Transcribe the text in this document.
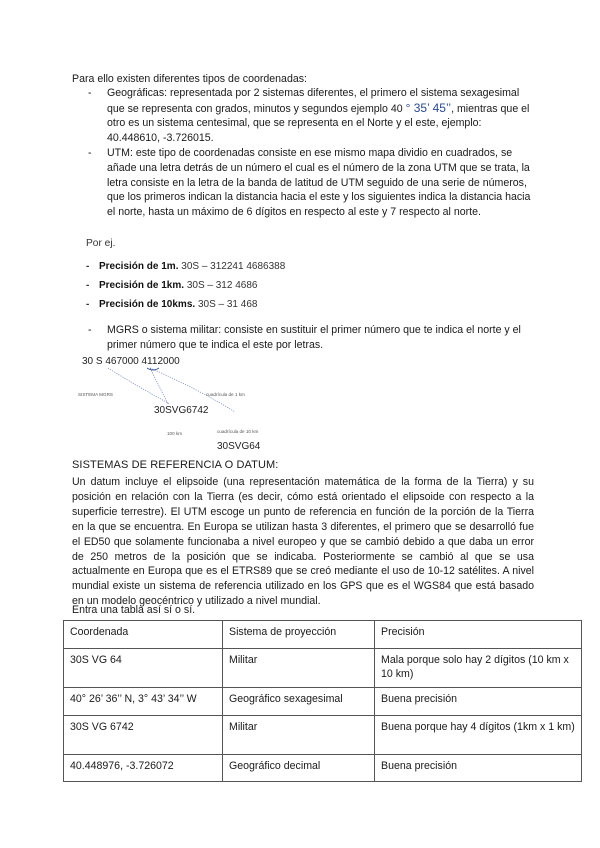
Para ello existen diferentes tipos de coordenadas:
- Geográficas: representada por 2 sistemas diferentes, el primero el sistema sexagesimal que se representa con grados, minutos y segundos ejemplo 40 ° 35’ 45’’, mientras que el otro es un sistema centesimal, que se representa en el Norte y el este, ejemplo: 40.448610, -3.726015.
- UTM: este tipo de coordenadas consiste en ese mismo mapa dividio en cuadrados, se añade una letra detrás de un número el cual es el número de la zona UTM que se trata, la letra consiste en la letra de la banda de latitud de UTM seguido de una serie de números, que los primeros indican la distancia hacia el este y los siguientes indica la distancia hacia el norte, hasta un máximo de 6 dígitos en respecto al este y 7 respecto al norte.
Por ej.
- Precisión de 1m. 30S – 312241 4686388
- Precisión de 1km. 30S – 312 4686
- Precisión de 10kms. 30S – 31 468
- MGRS o sistema militar: consiste en sustituir el primer número que te indica el norte y el primer número que te indica el este por letras.
30 S 467000 4112000
SISTEMA MGRS	cuadrícula de 1 km
30SVG6742
100 km	cuadrícula de 10 km
30SVG64
SISTEMAS DE REFERENCIA O DATUM:
Un datum incluye el elipsoide (una representación matemática de la forma de la Tierra) y su posición en relación con la Tierra (es decir, cómo está orientado el elipsoide con respecto a la superficie terrestre). El UTM escoge un punto de referencia en función de la porción de la Tierra en la que se encuentra. En Europa se utilizan hasta 3 diferentes, el primero que se desarrolló fue el ED50 que solamente funcionaba a nivel europeo y que se cambió debido a que daba un error de 250 metros de la posición que se indicaba. Posteriormente se cambió al que se usa actualmente en Europa que es el ETRS89 que se creó mediante el uso de 10-12 satélites. A nivel mundial existe un sistema de referencia utilizado en los GPS que es el WGS84 que está basado en un modelo geocéntrico y utilizado a nivel mundial.
Entra una tabla así sí o sí.
Coordenada	Sistema de proyección	Precisión
30S VG 64	Militar	Mala porque solo hay 2 dígitos (10 km x 10 km)
40° 26’ 36’’ N, 3° 43’ 34’’ W	Geográfico sexagesimal	Buena precisión
30S VG 6742	Militar	Buena porque hay 4 dígitos (1km x 1 km)
40.448976, -3.726072	Geográfico decimal	Buena precisión
